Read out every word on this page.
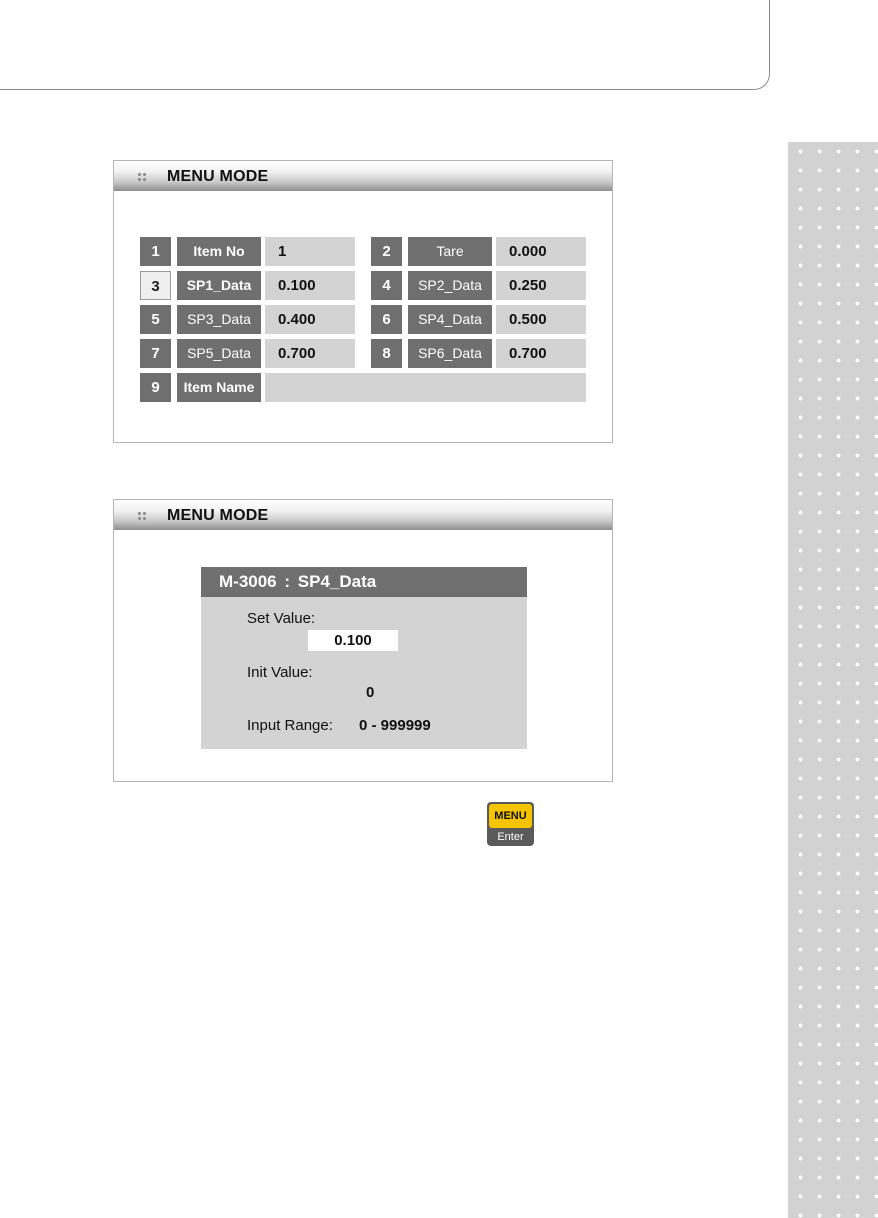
MENU MODE
1	Item No	1	2	Tare	0.000
3	SP1_Data	0.100	4	SP2_Data	0.250
5	SP3_Data	0.400	6	SP4_Data	0.500
7	SP5_Data	0.700	8	SP6_Data	0.700
9	Item Name
MENU MODE
M-3006 : SP4_Data
Set Value:
0.100
Init Value:
0
Input Range: 0 - 999999
MENU
Enter
